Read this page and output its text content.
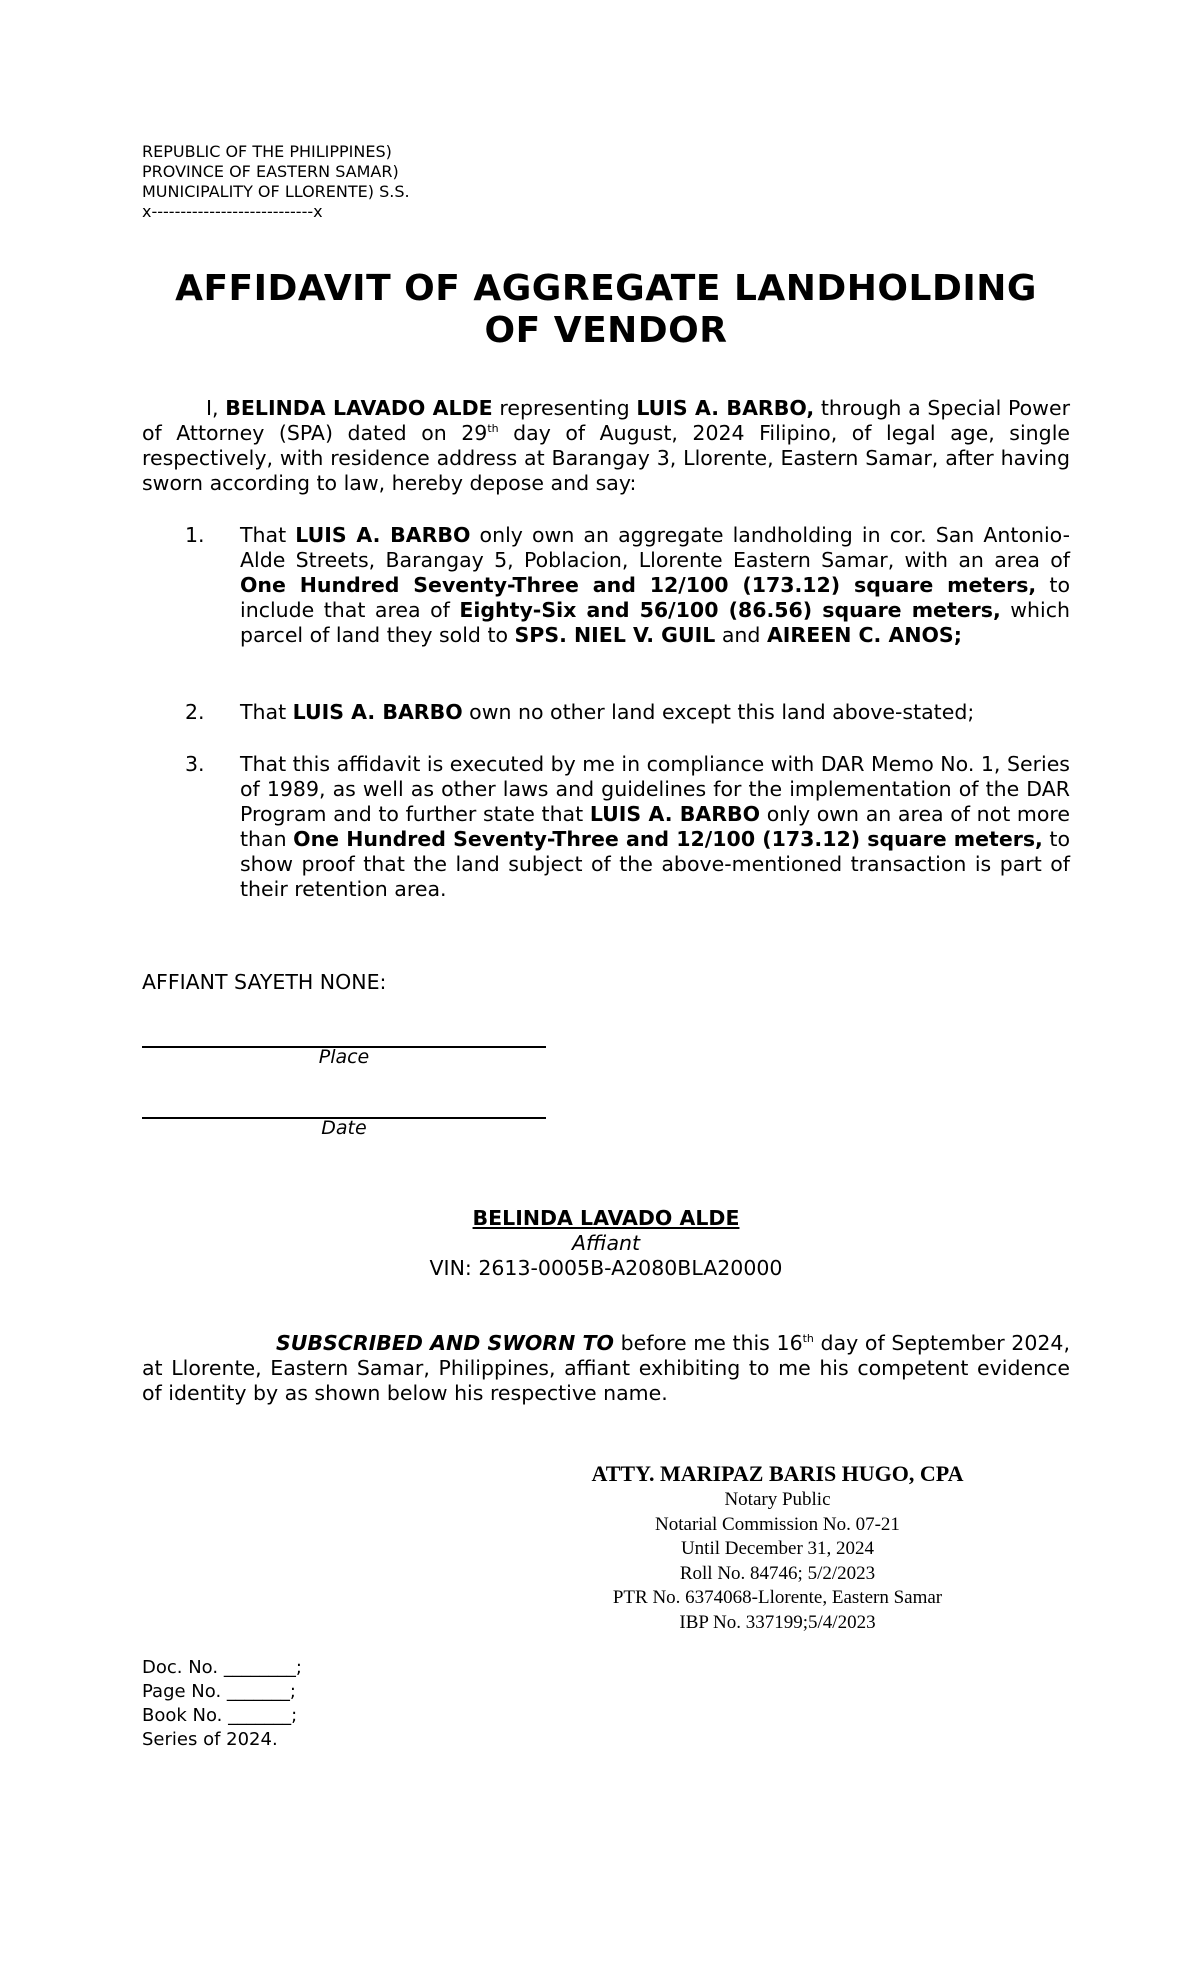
REPUBLIC OF THE PHILIPPINES)
PROVINCE OF EASTERN SAMAR)
MUNICIPALITY OF LLORENTE) S.S.
x----------------------------x
AFFIDAVIT OF AGGREGATE LANDHOLDING
OF VENDOR

I, BELINDA LAVADO ALDE representing LUIS A. BARBO, through a Special Power of Attorney (SPA) dated on 29th day of August, 2024 Filipino, of legal age, single respectively, with residence address at Barangay 3, Llorente, Eastern Samar, after having sworn according to law, hereby depose and say:

1. That LUIS A. BARBO only own an aggregate landholding in cor. San Antonio-Alde Streets, Barangay 5, Poblacion, Llorente Eastern Samar, with an area of One Hundred Seventy-Three and 12/100 (173.12) square meters, to include that area of Eighty-Six and 56/100 (86.56) square meters, which parcel of land they sold to SPS. NIEL V. GUIL and AIREEN C. ANOS;
2. That LUIS A. BARBO own no other land except this land above-stated;
3. That this affidavit is executed by me in compliance with DAR Memo No. 1, Series of 1989, as well as other laws and guidelines for the implementation of the DAR Program and to further state that LUIS A. BARBO only own an area of not more than One Hundred Seventy-Three and 12/100 (173.12) square meters, to show proof that the land subject of the above-mentioned transaction is part of their retention area.
AFFIANT SAYETH NONE:
Place
Date
BELINDA LAVADO ALDE
Affiant
VIN: 2613-0005B-A2080BLA20000

SUBSCRIBED AND SWORN TO before me this 16th day of September 2024, at Llorente, Eastern Samar, Philippines, affiant exhibiting to me his competent evidence of identity by as shown below his respective name.

ATTY. MARIPAZ BARIS HUGO, CPA
Notary Public
Notarial Commission No. 07-21
Until December 31, 2024
Roll No. 84746; 5/2/2023
PTR No. 6374068-Llorente, Eastern Samar
IBP No. 337199;5/4/2023
Doc. No. ________;
Page No. _______;
Book No. _______;
Series of 2024.
